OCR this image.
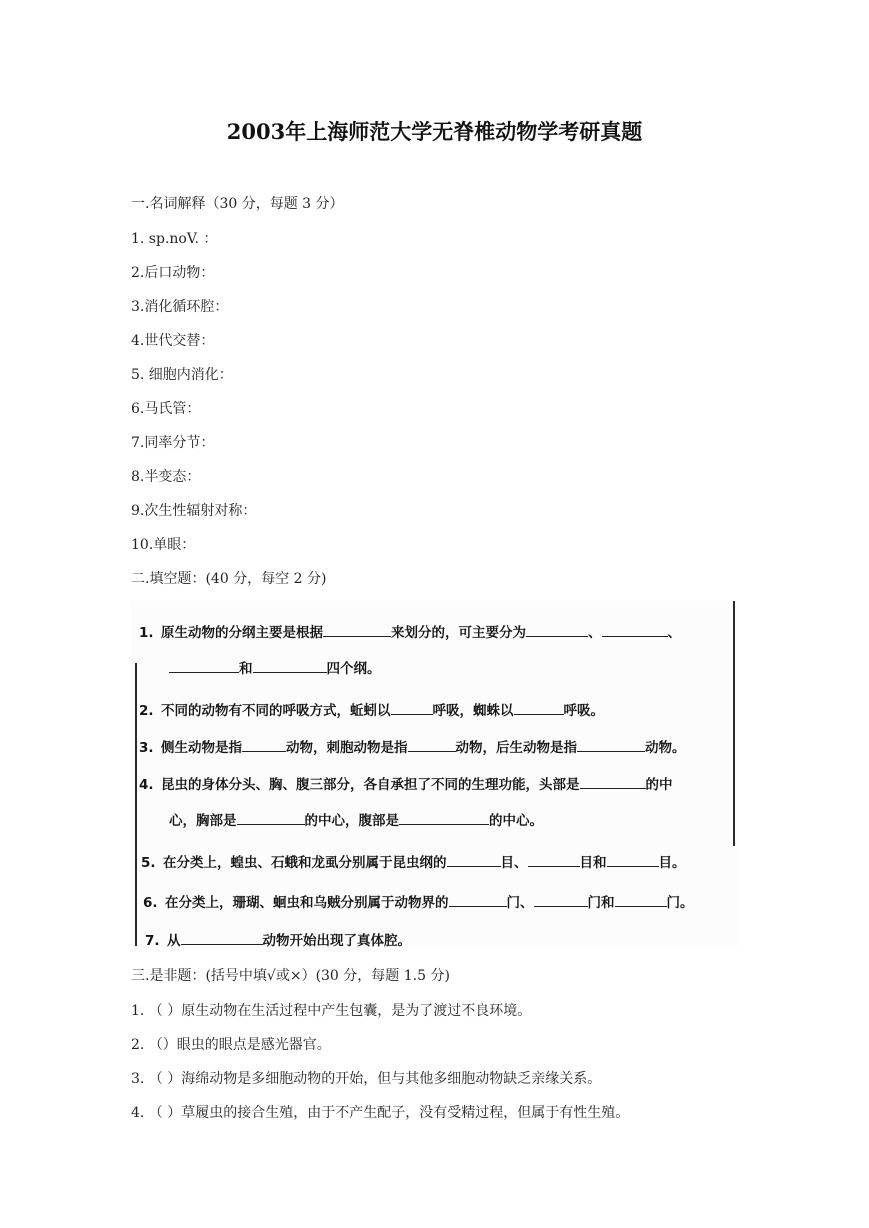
2003年上海师范大学无脊椎动物学考研真题
一.名词解释（30 分，每题 3 分）
1. sp.noV. ：
2.后口动物：
3.消化循环腔：
4.世代交替：
5. 细胞内消化：
6.马氏管：
7.同率分节：
8.半变态：
9.次生性辐射对称：
10.单眼：
二.填空题：(40 分，每空 2 分)
1. 原生动物的分纲主要是根据	来划分的，可主要分为	、	、
和	四个纲。
2. 不同的动物有不同的呼吸方式，蚯蚓以	呼吸，蜘蛛以	呼吸。
3. 侧生动物是指	动物，刺胞动物是指	动物，后生动物是指	动物。
4. 昆虫的身体分头、胸、腹三部分，各自承担了不同的生理功能，头部是	的中
心，胸部是	的中心，腹部是	的中心。
5. 在分类上，蝗虫、石蛾和龙虱分别属于昆虫纲的	目、	目和	目。
6. 在分类上，珊瑚、蛔虫和乌贼分别属于动物界的	门、	门和	门。
7. 从	动物开始出现了真体腔。
三.是非题：(括号中填√或×）(30 分，每题 1.5 分)
1. （ ）原生动物在生活过程中产生包囊，是为了渡过不良环境。
2. （）眼虫的眼点是感光器官。
3. （ ）海绵动物是多细胞动物的开始，但与其他多细胞动物缺乏亲缘关系。
4. （ ）草履虫的接合生殖，由于不产生配子，没有受精过程，但属于有性生殖。
